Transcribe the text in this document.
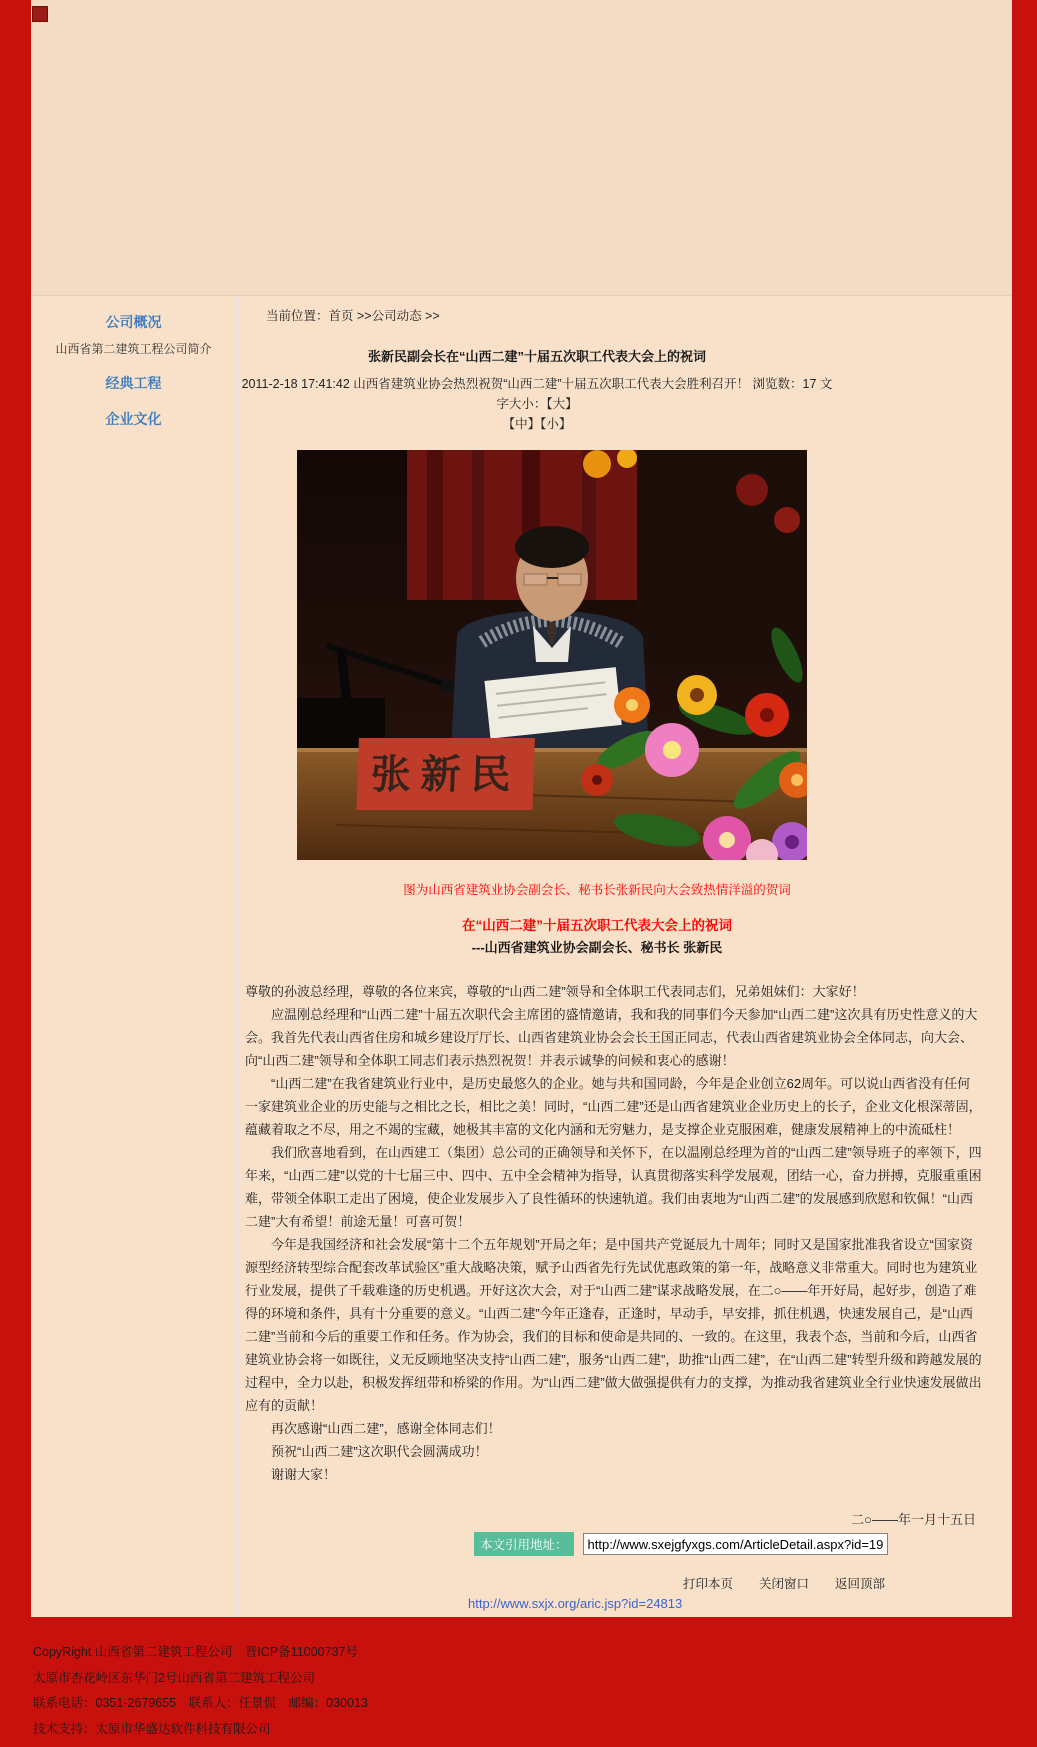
公司概况
山西省第二建筑工程公司简介
经典工程
企业文化
当前位置：首页 >>公司动态 >>
张新民副会长在“山西二建”十届五次职工代表大会上的祝词
2011-2-18 17:41:42 山西省建筑业协会热烈祝贺“山西二建”十届五次职工代表大会胜利召开！ 浏览数：17 文字大小：【大】
【中】【小】
张新民
图为山西省建筑业协会副会长、秘书长张新民向大会致热情洋溢的贺词
在“山西二建”十届五次职工代表大会上的祝词
---山西省建筑业协会副会长、秘书长 张新民

尊敬的孙波总经理，尊敬的各位来宾，尊敬的“山西二建”领导和全体职工代表同志们，兄弟姐妹们：大家好！

应温刚总经理和“山西二建”十届五次职代会主席团的盛情邀请，我和我的同事们今天参加“山西二建”这次具有历史性意义的大会。我首先代表山西省住房和城乡建设厅厅长、山西省建筑业协会会长王国正同志，代表山西省建筑业协会全体同志，向大会、向“山西二建”领导和全体职工同志们表示热烈祝贺！并表示诚挚的问候和衷心的感谢！

“山西二建”在我省建筑业行业中，是历史最悠久的企业。她与共和国同龄，今年是企业创立62周年。可以说山西省没有任何一家建筑业企业的历史能与之相比之长，相比之美！同时，“山西二建”还是山西省建筑业企业历史上的长子，企业文化根深蒂固，蕴藏着取之不尽，用之不竭的宝藏，她极其丰富的文化内涵和无穷魅力，是支撑企业克服困难，健康发展精神上的中流砥柱！

我们欣喜地看到，在山西建工（集团）总公司的正确领导和关怀下，在以温刚总经理为首的“山西二建”领导班子的率领下，四年来，“山西二建”以党的十七届三中、四中、五中全会精神为指导，认真贯彻落实科学发展观，团结一心，奋力拼搏，克服重重困难，带领全体职工走出了困境，使企业发展步入了良性循环的快速轨道。我们由衷地为“山西二建”的发展感到欣慰和钦佩！“山西二建”大有希望！前途无量！可喜可贺！

今年是我国经济和社会发展“第十二个五年规划”开局之年；是中国共产党诞辰九十周年；同时又是国家批准我省设立“国家资源型经济转型综合配套改革试验区”重大战略决策，赋予山西省先行先试优惠政策的第一年，战略意义非常重大。同时也为建筑业行业发展，提供了千载难逢的历史机遇。开好这次大会，对于“山西二建”谋求战略发展，在二○——年开好局，起好步，创造了难得的环境和条件，具有十分重要的意义。“山西二建”今年正逢春，正逢时，早动手，早安排，抓住机遇，快速发展自己，是“山西二建”当前和今后的重要工作和任务。作为协会，我们的目标和使命是共同的、一致的。在这里，我表个态，当前和今后，山西省建筑业协会将一如既往，义无反顾地坚决支持“山西二建”，服务“山西二建”，助推“山西二建”，在“山西二建”转型升级和跨越发展的过程中，全力以赴，积极发挥纽带和桥梁的作用。为“山西二建”做大做强提供有力的支撑，为推动我省建筑业全行业快速发展做出应有的贡献！

再次感谢“山西二建”，感谢全体同志们！

预祝“山西二建”这次职代会圆满成功！

谢谢大家！

二○——年一月十五日
本文引用地址：
http://www.sxejgfyxgs.com/ArticleDetail.aspx?id=194
打印本页 关闭窗口 返回顶部
http://www.sxjx.org/aric.jsp?id=24813
CopyRight 山西省第二建筑工程公司　晋ICP备11000737号
太原市杏花岭区东华门2号山西省第二建筑工程公司
联系电话：0351-2679655　联系人：任景侃　邮编：030013
技术支持：太原市华盛达软件科技有限公司
